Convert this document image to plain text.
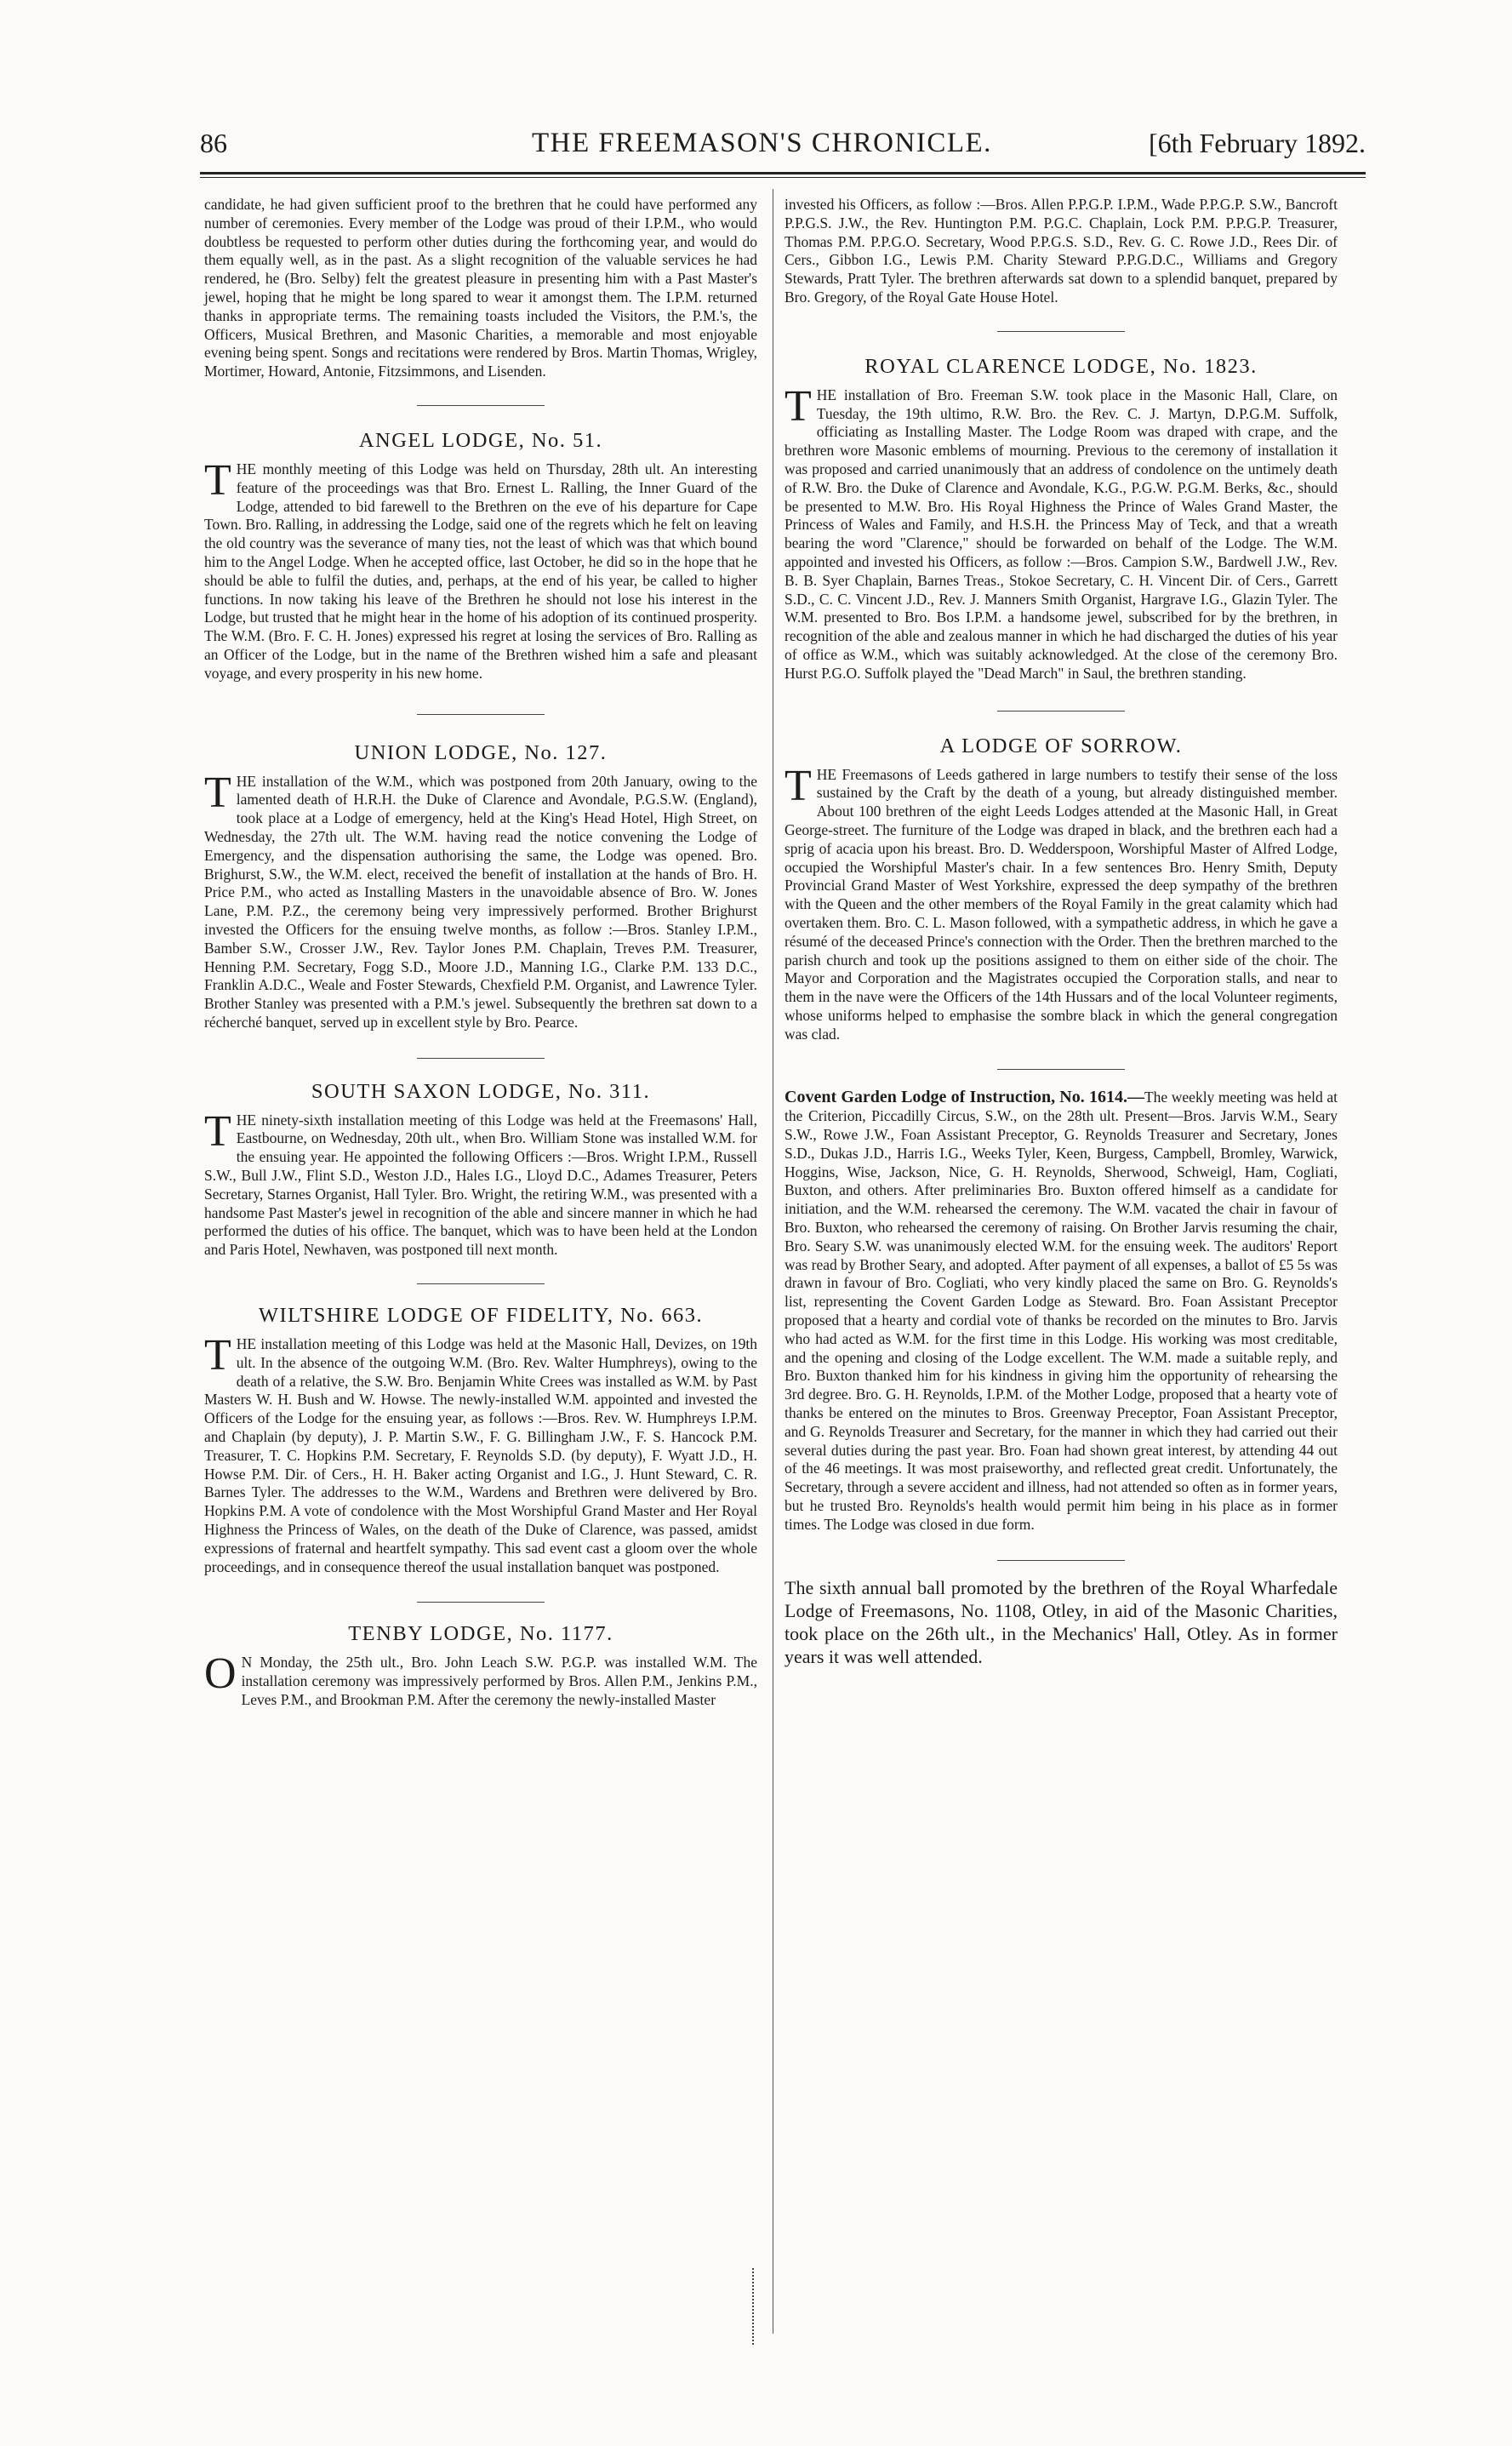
86	THE FREEMASON'S CHRONICLE.	[6th February 1892.

candidate, he had given sufficient proof to the brethren that he could have performed any number of ceremonies. Every member of the Lodge was proud of their I.P.M., who would doubtless be requested to perform other duties during the forthcoming year, and would do them equally well, as in the past. As a slight recognition of the valuable services he had rendered, he (Bro. Selby) felt the greatest pleasure in presenting him with a Past Master's jewel, hoping that he might be long spared to wear it amongst them. The I.P.M. returned thanks in appropriate terms. The remaining toasts included the Visitors, the P.M.'s, the Officers, Musical Brethren, and Masonic Charities, a memorable and most enjoyable evening being spent. Songs and recitations were rendered by Bros. Martin Thomas, Wrigley, Mortimer, Howard, Antonie, Fitzsimmons, and Lisenden.

ANGEL LODGE, No. 51.

THE monthly meeting of this Lodge was held on Thursday, 28th ult. An interesting feature of the proceedings was that Bro. Ernest L. Ralling, the Inner Guard of the Lodge, attended to bid farewell to the Brethren on the eve of his departure for Cape Town. Bro. Ralling, in addressing the Lodge, said one of the regrets which he felt on leaving the old country was the severance of many ties, not the least of which was that which bound him to the Angel Lodge. When he accepted office, last October, he did so in the hope that he should be able to fulfil the duties, and, perhaps, at the end of his year, be called to higher functions. In now taking his leave of the Brethren he should not lose his interest in the Lodge, but trusted that he might hear in the home of his adoption of its continued prosperity. The W.M. (Bro. F. C. H. Jones) expressed his regret at losing the services of Bro. Ralling as an Officer of the Lodge, but in the name of the Brethren wished him a safe and pleasant voyage, and every prosperity in his new home.

UNION LODGE, No. 127.

THE installation of the W.M., which was postponed from 20th January, owing to the lamented death of H.R.H. the Duke of Clarence and Avondale, P.G.S.W. (England), took place at a Lodge of emergency, held at the King's Head Hotel, High Street, on Wednesday, the 27th ult. The W.M. having read the notice convening the Lodge of Emergency, and the dispensation authorising the same, the Lodge was opened. Bro. Brighurst, S.W., the W.M. elect, received the benefit of installation at the hands of Bro. H. Price P.M., who acted as Installing Masters in the unavoidable absence of Bro. W. Jones Lane, P.M. P.Z., the ceremony being very impressively performed. Brother Brighurst invested the Officers for the ensuing twelve months, as follow :—Bros. Stanley I.P.M., Bamber S.W., Crosser J.W., Rev. Taylor Jones P.M. Chaplain, Treves P.M. Treasurer, Henning P.M. Secretary, Fogg S.D., Moore J.D., Manning I.G., Clarke P.M. 133 D.C., Franklin A.D.C., Weale and Foster Stewards, Chexfield P.M. Organist, and Lawrence Tyler. Brother Stanley was presented with a P.M.'s jewel. Subsequently the brethren sat down to a récherché banquet, served up in excellent style by Bro. Pearce.

SOUTH SAXON LODGE, No. 311.

THE ninety-sixth installation meeting of this Lodge was held at the Freemasons' Hall, Eastbourne, on Wednesday, 20th ult., when Bro. William Stone was installed W.M. for the ensuing year. He appointed the following Officers :—Bros. Wright I.P.M., Russell S.W., Bull J.W., Flint S.D., Weston J.D., Hales I.G., Lloyd D.C., Adames Treasurer, Peters Secretary, Starnes Organist, Hall Tyler. Bro. Wright, the retiring W.M., was presented with a handsome Past Master's jewel in recognition of the able and sincere manner in which he had performed the duties of his office. The banquet, which was to have been held at the London and Paris Hotel, Newhaven, was postponed till next month.

WILTSHIRE LODGE OF FIDELITY, No. 663.

THE installation meeting of this Lodge was held at the Masonic Hall, Devizes, on 19th ult. In the absence of the outgoing W.M. (Bro. Rev. Walter Humphreys), owing to the death of a relative, the S.W. Bro. Benjamin White Crees was installed as W.M. by Past Masters W. H. Bush and W. Howse. The newly-installed W.M. appointed and invested the Officers of the Lodge for the ensuing year, as follows :—Bros. Rev. W. Humphreys I.P.M. and Chaplain (by deputy), J. P. Martin S.W., F. G. Billingham J.W., F. S. Hancock P.M. Treasurer, T. C. Hopkins P.M. Secretary, F. Reynolds S.D. (by deputy), F. Wyatt J.D., H. Howse P.M. Dir. of Cers., H. H. Baker acting Organist and I.G., J. Hunt Steward, C. R. Barnes Tyler. The addresses to the W.M., Wardens and Brethren were delivered by Bro. Hopkins P.M. A vote of condolence with the Most Worshipful Grand Master and Her Royal Highness the Princess of Wales, on the death of the Duke of Clarence, was passed, amidst expressions of fraternal and heartfelt sympathy. This sad event cast a gloom over the whole proceedings, and in consequence thereof the usual installation banquet was postponed.

TENBY LODGE, No. 1177.

O N Monday, the 25th ult., Bro. John Leach S.W. P.G.P. was installed W.M. The installation ceremony was impressively performed by Bros. Allen P.M., Jenkins P.M., Leves P.M., and Brookman P.M. After the ceremony the newly-installed Master

invested his Officers, as follow :—Bros. Allen P.P.G.P. I.P.M., Wade P.P.G.P. S.W., Bancroft P.P.G.S. J.W., the Rev. Huntington P.M. P.G.C. Chaplain, Lock P.M. P.P.G.P. Treasurer, Thomas P.M. P.P.G.O. Secretary, Wood P.P.G.S. S.D., Rev. G. C. Rowe J.D., Rees Dir. of Cers., Gibbon I.G., Lewis P.M. Charity Steward P.P.G.D.C., Williams and Gregory Stewards, Pratt Tyler. The brethren afterwards sat down to a splendid banquet, prepared by Bro. Gregory, of the Royal Gate House Hotel.

ROYAL CLARENCE LODGE, No. 1823.

THE installation of Bro. Freeman S.W. took place in the Masonic Hall, Clare, on Tuesday, the 19th ultimo, R.W. Bro. the Rev. C. J. Martyn, D.P.G.M. Suffolk, officiating as Installing Master. The Lodge Room was draped with crape, and the brethren wore Masonic emblems of mourning. Previous to the ceremony of installation it was proposed and carried unanimously that an address of condolence on the untimely death of R.W. Bro. the Duke of Clarence and Avondale, K.G., P.G.W. P.G.M. Berks, &c., should be presented to M.W. Bro. His Royal Highness the Prince of Wales Grand Master, the Princess of Wales and Family, and H.S.H. the Princess May of Teck, and that a wreath bearing the word "Clarence," should be forwarded on behalf of the Lodge. The W.M. appointed and invested his Officers, as follow :—Bros. Campion S.W., Bardwell J.W., Rev. B. B. Syer Chaplain, Barnes Treas., Stokoe Secretary, C. H. Vincent Dir. of Cers., Garrett S.D., C. C. Vincent J.D., Rev. J. Manners Smith Organist, Hargrave I.G., Glazin Tyler. The W.M. presented to Bro. Bos I.P.M. a handsome jewel, subscribed for by the brethren, in recognition of the able and zealous manner in which he had discharged the duties of his year of office as W.M., which was suitably acknowledged. At the close of the ceremony Bro. Hurst P.G.O. Suffolk played the "Dead March" in Saul, the brethren standing.

A LODGE OF SORROW.

THE Freemasons of Leeds gathered in large numbers to testify their sense of the loss sustained by the Craft by the death of a young, but already distinguished member. About 100 brethren of the eight Leeds Lodges attended at the Masonic Hall, in Great George-street. The furniture of the Lodge was draped in black, and the brethren each had a sprig of acacia upon his breast. Bro. D. Wedderspoon, Worshipful Master of Alfred Lodge, occupied the Worshipful Master's chair. In a few sentences Bro. Henry Smith, Deputy Provincial Grand Master of West Yorkshire, expressed the deep sympathy of the brethren with the Queen and the other members of the Royal Family in the great calamity which had overtaken them. Bro. C. L. Mason followed, with a sympathetic address, in which he gave a résumé of the deceased Prince's connection with the Order. Then the brethren marched to the parish church and took up the positions assigned to them on either side of the choir. The Mayor and Corporation and the Magistrates occupied the Corporation stalls, and near to them in the nave were the Officers of the 14th Hussars and of the local Volunteer regiments, whose uniforms helped to emphasise the sombre black in which the general congregation was clad.

Covent Garden Lodge of Instruction, No. 1614.—The weekly meeting was held at the Criterion, Piccadilly Circus, S.W., on the 28th ult. Present—Bros. Jarvis W.M., Seary S.W., Rowe J.W., Foan Assistant Preceptor, G. Reynolds Treasurer and Secretary, Jones S.D., Dukas J.D., Harris I.G., Weeks Tyler, Keen, Burgess, Campbell, Bromley, Warwick, Hoggins, Wise, Jackson, Nice, G. H. Reynolds, Sherwood, Schweigl, Ham, Cogliati, Buxton, and others. After preliminaries Bro. Buxton offered himself as a candidate for initiation, and the W.M. rehearsed the ceremony. The W.M. vacated the chair in favour of Bro. Buxton, who rehearsed the ceremony of raising. On Brother Jarvis resuming the chair, Bro. Seary S.W. was unanimously elected W.M. for the ensuing week. The auditors' Report was read by Brother Seary, and adopted. After payment of all expenses, a ballot of £5 5s was drawn in favour of Bro. Cogliati, who very kindly placed the same on Bro. G. Reynolds's list, representing the Covent Garden Lodge as Steward. Bro. Foan Assistant Preceptor proposed that a hearty and cordial vote of thanks be recorded on the minutes to Bro. Jarvis who had acted as W.M. for the first time in this Lodge. His working was most creditable, and the opening and closing of the Lodge excellent. The W.M. made a suitable reply, and Bro. Buxton thanked him for his kindness in giving him the opportunity of rehearsing the 3rd degree. Bro. G. H. Reynolds, I.P.M. of the Mother Lodge, proposed that a hearty vote of thanks be entered on the minutes to Bros. Greenway Preceptor, Foan Assistant Preceptor, and G. Reynolds Treasurer and Secretary, for the manner in which they had carried out their several duties during the past year. Bro. Foan had shown great interest, by attending 44 out of the 46 meetings. It was most praiseworthy, and reflected great credit. Unfortunately, the Secretary, through a severe accident and illness, had not attended so often as in former years, but he trusted Bro. Reynolds's health would permit him being in his place as in former times. The Lodge was closed in due form.

The sixth annual ball promoted by the brethren of the Royal Wharfedale Lodge of Freemasons, No. 1108, Otley, in aid of the Masonic Charities, took place on the 26th ult., in the Mechanics' Hall, Otley. As in former years it was well attended.
